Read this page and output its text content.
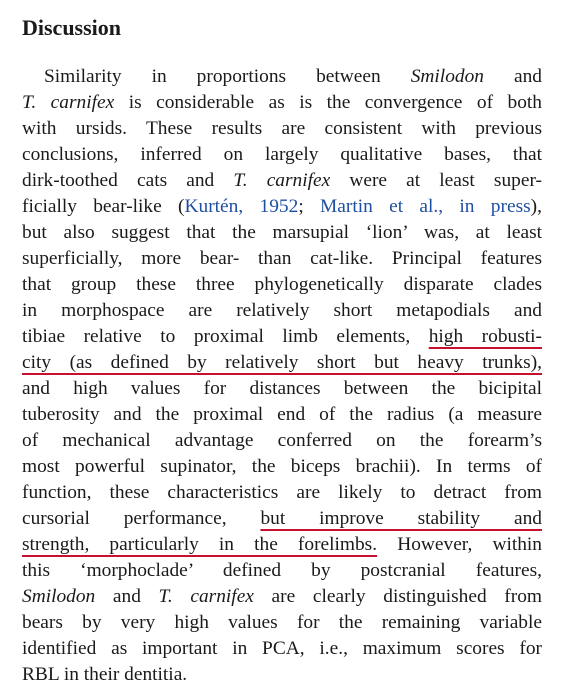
Discussion
Similarity in proportions between Smilodon and
T. carnifex is considerable as is the convergence of both
with ursids. These results are consistent with previous
conclusions, inferred on largely qualitative bases, that
dirk-toothed cats and T. carnifex were at least super-
ficially bear-like (Kurtén, 1952; Martin et al., in press),
but also suggest that the marsupial ‘lion’ was, at least
superficially, more bear- than cat-like. Principal features
that group these three phylogenetically disparate clades
in morphospace are relatively short metapodials and
tibiae relative to proximal limb elements, high robusti-
city (as defined by relatively short but heavy trunks),
and high values for distances between the bicipital
tuberosity and the proximal end of the radius (a measure
of mechanical advantage conferred on the forearm’s
most powerful supinator, the biceps brachii). In terms of
function, these characteristics are likely to detract from
cursorial performance, but improve stability and
strength, particularly in the forelimbs. However, within
this ‘morphoclade’ defined by postcranial features,
Smilodon and T. carnifex are clearly distinguished from
bears by very high values for the remaining variable
identified as important in PCA, i.e., maximum scores for
RBL in their dentitia.
